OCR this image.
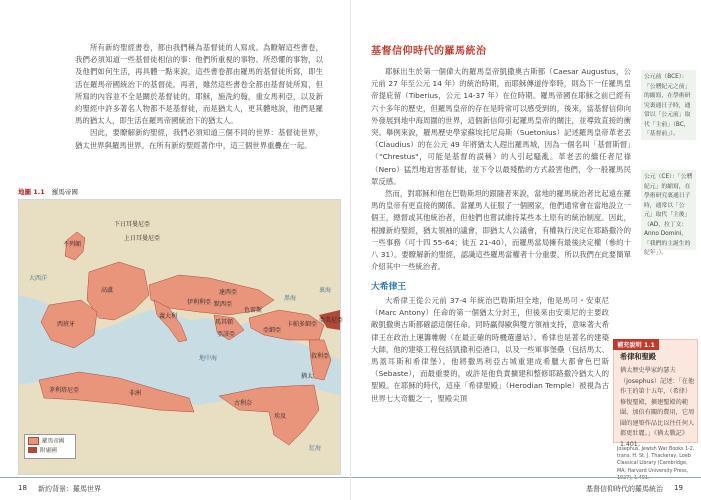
所有新約聖經書卷，都由我們稱為基督徒的人寫成。為瞭解這些書卷，我們必須知道一些基督徒相信的事：他們所重視的事物、所恐懼的事物，以及他們如何生活，再具體一點來說，這些書卷都由羅馬的基督徒所寫，即生活在羅馬帝國統治下的基督徒。再者，雖然這些書卷全都由基督徒所寫，但所寫的內容並不全是關於基督徒的。耶穌，施洗約翰，重女馬利亞，以及新約聖經中許多著名人物都不是基督徒，而是猶太人，更其體地說，他們是羅馬的猶太人，即生活在羅馬帝國統治下的猶太人。

因此，要瞭解新約聖經，我們必須知道三個不同的世界：基督徒世界，猶太世界與羅馬世界。在所有新約聖經著作中，這三個世界重疊在一起。

地圖 1.1 羅馬帝國
大西洋
黑海
地中海
裏海
紅海
不列顛
下日耳曼尼亞
上日耳曼尼亞
高盧
西班牙
達西亞
默西亞
色雷斯
馬其頓
亞該亞
卡帕多細亞
敘利亞
猶太
埃及
非洲
茅利塔尼亞
義大利
伊利利亞
古利奈
亞美尼亞
亞細亞
羅馬帝國
附庸國
18 新約背景：羅馬世界
基督信仰時代的羅馬統治

耶穌出生於第一個偉大的羅馬皇帝凱撒奧古斯都（Caesar Augustus，公元前 27 年至公元 14 年）的統治時期，而耶穌傳道侍奉時，則為下一任羅馬皇帝提庇留（Tiberius，公元 14-37 年）在位時期。羅馬帝國在耶穌之前已經有六十多年的歷史，但羅馬皇帝的存在是時常可以感受到的，後來，當基督信仰向外發展到地中海周圍的世界，這個新信仰引起羅馬皇帝的關注，並導致直接的衝突。舉例來說，羅馬歷史學家蘇埃托尼烏斯（Suetonius）記述羅馬皇帝革老丟（Claudius）的在公元 49 年將猶太人趕出羅馬城，因為一個名叫「基督斯督」（"Chrestus"，可能是基督的誤稱）的人引起騷亂。革老丟的繼任者尼祿（Nero）猛烈地迫害基督徒，並下令以最殘酷的方式殺害他們，令一般羅馬民眾反感。

然而，對耶穌和他在巴勒斯坦的跟隨者來說，當地的羅馬統治者比起遠在羅馬的皇帝有更直接的關係。當羅馬人征服了一個國家，他們通常會在當地設立一個王，總督或其他統治者，但他們也嘗試維持某些本土原有的統治制度。因此，根據新約聖經，猶太領袖的議會，即猶太人公議會，有權執行決定在耶路撒冷的一些事務（可十四 55-64；徒五 21-40），而羅馬當局擁有最後決定權（參約十八 31）。要瞭解新約聖經，認識這些羅馬當權者十分重要，所以我們在此要簡單介紹其中一些統治者。

公元前（BCE）：「公曆紀元之前」的縮寫，在學術研究裏通日子時，通常以「公元前」取代「主前」（BC，「基督前」）。
公元（CE）：「公曆紀元」的縮寫，在學術研究裏通日子時，通常以「公元」取代「主後」（AD，拉丁文：Anno Domini，「我們的主誕生的紀年」）。
大希律王

大希律王從公元前 37-4 年統治巴勒斯坦全地，他是馬可・安東尼（Marc Antony）任命的第一個猶太分封王，但後來由安東尼的主要政敵凱撒奧古斯都確認這個任命。同時贏得歐與雙方領袖支持，意味著大希律王在政治上運籌帷幄（在最正確的時機選邊站）。希律也是著名的建築大師，他的建築工程包括凱撒利亞港口，以及一些軍事堡壘（包括馬太、馬蓋耳斯和希律堡）。他將撒馬利亞古城重建成希臘大都會色巴斯（Sebaste），而最重要的，或許是他負責擴建和整修耶路撒冷猶太人的聖殿。在耶穌的時代，這座「希律聖殿」（Herodian Temple）被視為古世界七大奇觀之一，聖殿尖頂

補充說明 1.1
希律和聖殿
猶太歷史學家約瑟夫（Josephus）記述：「在他作王的第十五年，（希律）修復聖殿，擴建聖殿的範圍，加倍有關的費用，它周圍的建築作品比以往任何人都更壯麗。」《猶太戰記》1.401。
Josephus, Jewish War Books 1-2, trans. H. St. J. Thackeray, Loeb Classical Library (Cambridge, MA: Harvard University Press, 1927), 1.401.
基督信仰時代的羅馬統治 19
